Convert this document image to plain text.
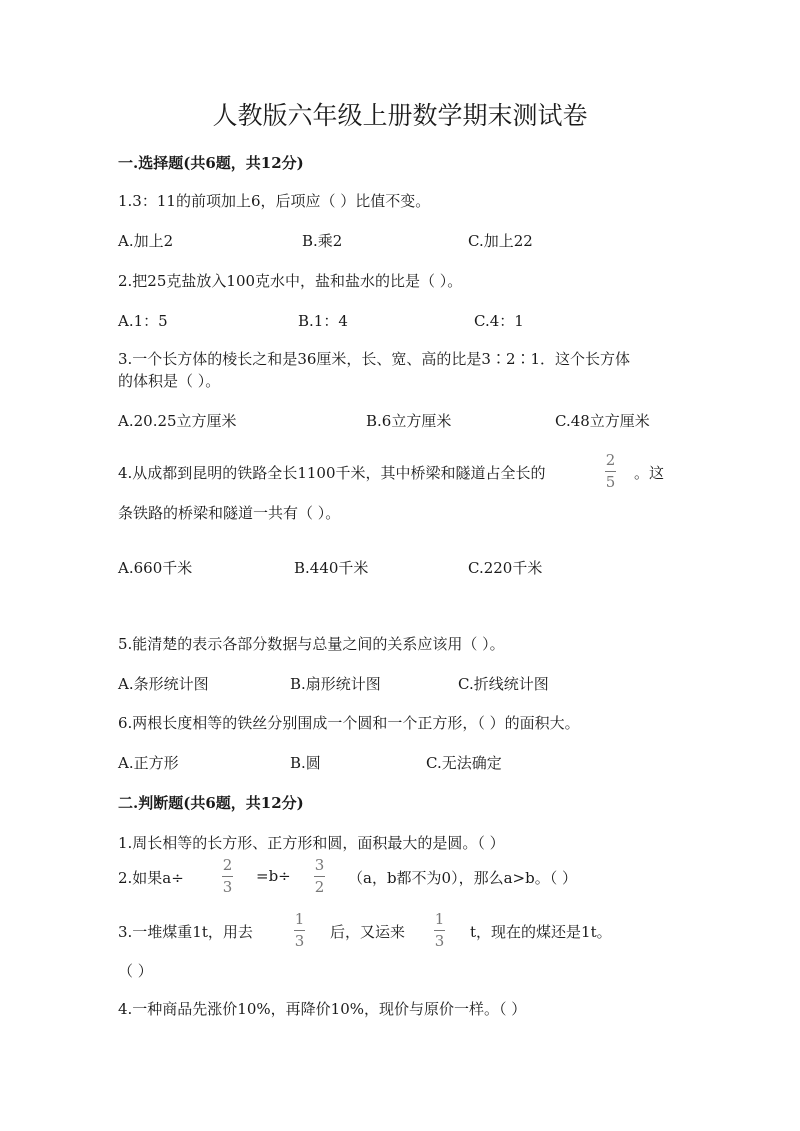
人教版六年级上册数学期末测试卷
一.选择题(共6题，共12分)
1.3：11的前项加上6，后项应（ ）比值不变。
A.加上2	B.乘2	C.加上22
2.把25克盐放入100克水中，盐和盐水的比是（ ）。
A.1：5	B.1：4	C.4：1
3.一个长方体的棱长之和是36厘米，长、宽、高的比是3∶2∶1．这个长方体
的体积是（ ）。
A.20.25立方厘米	B.6立方厘米	C.48立方厘米
4.从成都到昆明的铁路全长1100千米，其中桥梁和隧道占全长的
2
5 。这
条铁路的桥梁和隧道一共有（ ）。
A.660千米	B.440千米	C.220千米
5.能清楚的表示各部分数据与总量之间的关系应该用（ ）。
A.条形统计图	B.扇形统计图	C.折线统计图
6.两根长度相等的铁丝分别围成一个圆和一个正方形，（ ）的面积大。
A.正方形	B.圆	C.无法确定
二.判断题(共6题，共12分)
1.周长相等的长方形、正方形和圆，面积最大的是圆。（ ）
2.如果a÷
2
3
=b÷
3
2 （a，b都不为0），那么a>b。（ ）
3.一堆煤重1t，用去
1
3 后，又运来
1
3 t，现在的煤还是1t。
（ ）
4.一种商品先涨价10%，再降价10%，现价与原价一样。（ ）
